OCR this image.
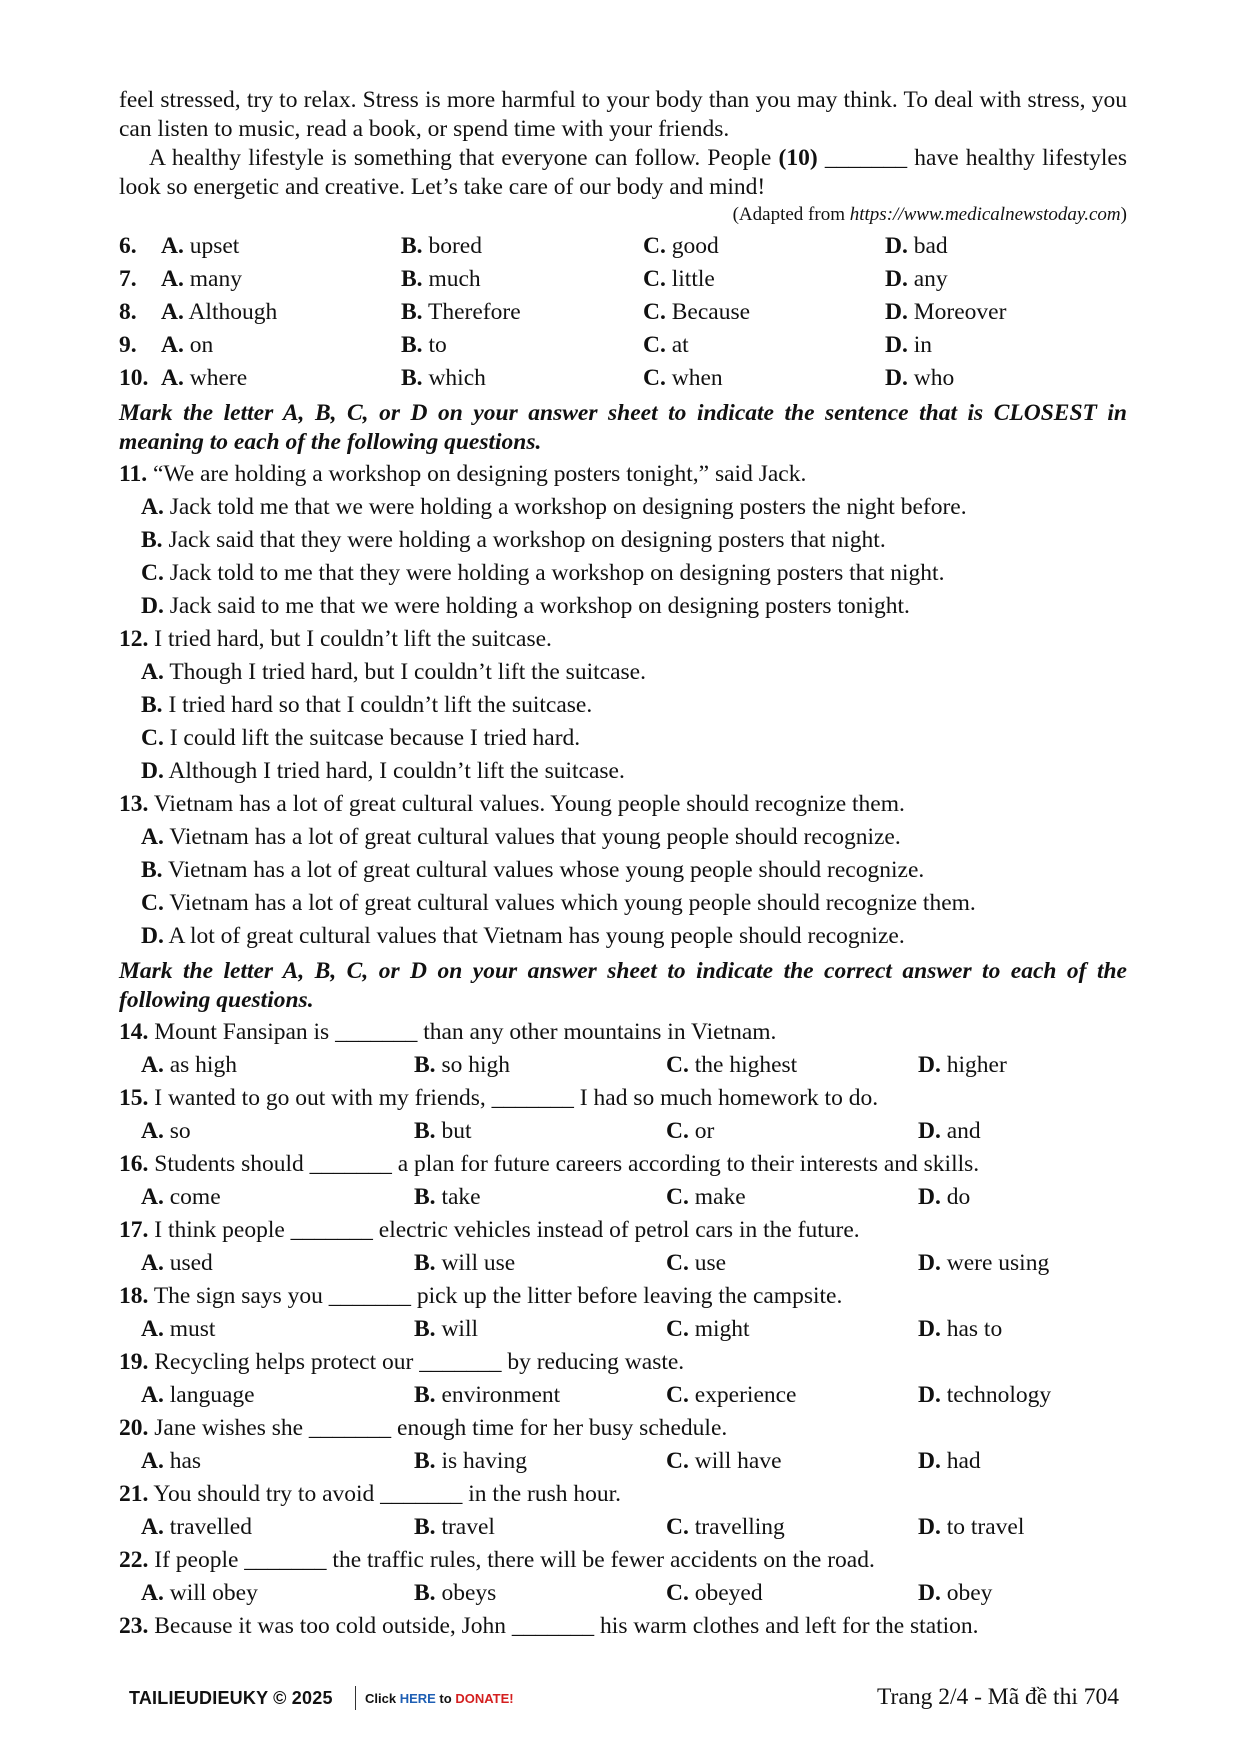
feel stressed, try to relax. Stress is more harmful to your body than you may think. To deal with stress, you can listen to music, read a book, or spend time with your friends.

A healthy lifestyle is something that everyone can follow. People (10) _______ have healthy lifestyles look so energetic and creative. Let’s take care of our body and mind!

(Adapted from https://www.medicalnewstoday.com)

6.	A. upset	B. bored	C. good	D. bad
7.	A. many	B. much	C. little	D. any
8.	A. Although	B. Therefore	C. Because	D. Moreover
9.	A. on	B. to	C. at	D. in
10. A. where	B. which	C. when	D. who

Mark the letter A, B, C, or D on your answer sheet to indicate the sentence that is CLOSEST in meaning to each of the following questions.

11. “We are holding a workshop on designing posters tonight,” said Jack.
A. Jack told me that we were holding a workshop on designing posters the night before.
B. Jack said that they were holding a workshop on designing posters that night.
C. Jack told to me that they were holding a workshop on designing posters that night.
D. Jack said to me that we were holding a workshop on designing posters tonight.
12. I tried hard, but I couldn’t lift the suitcase.
A. Though I tried hard, but I couldn’t lift the suitcase.
B. I tried hard so that I couldn’t lift the suitcase.
C. I could lift the suitcase because I tried hard.
D. Although I tried hard, I couldn’t lift the suitcase.
13. Vietnam has a lot of great cultural values. Young people should recognize them.
A. Vietnam has a lot of great cultural values that young people should recognize.
B. Vietnam has a lot of great cultural values whose young people should recognize.
C. Vietnam has a lot of great cultural values which young people should recognize them.
D. A lot of great cultural values that Vietnam has young people should recognize.

Mark the letter A, B, C, or D on your answer sheet to indicate the correct answer to each of the following questions.

14. Mount Fansipan is _______ than any other mountains in Vietnam.
A. as high	B. so high	C. the highest	D. higher
15. I wanted to go out with my friends, _______ I had so much homework to do.
A. so	B. but	C. or	D. and
16. Students should _______ a plan for future careers according to their interests and skills.
A. come	B. take	C. make	D. do
17. I think people _______ electric vehicles instead of petrol cars in the future.
A. used	B. will use	C. use	D. were using
18. The sign says you _______ pick up the litter before leaving the campsite.
A. must	B. will	C. might	D. has to
19. Recycling helps protect our _______ by reducing waste.
A. language	B. environment	C. experience	D. technology
20. Jane wishes she _______ enough time for her busy schedule.
A. has	B. is having	C. will have	D. had
21. You should try to avoid _______ in the rush hour.
A. travelled	B. travel	C. travelling	D. to travel
22. If people _______ the traffic rules, there will be fewer accidents on the road.
A. will obey	B. obeys	C. obeyed	D. obey
23. Because it was too cold outside, John _______ his warm clothes and left for the station.
TAILIEUDIEUKY © 2025 Click HERE to DONATE!	Trang 2/4 - Mã đề thi 704
